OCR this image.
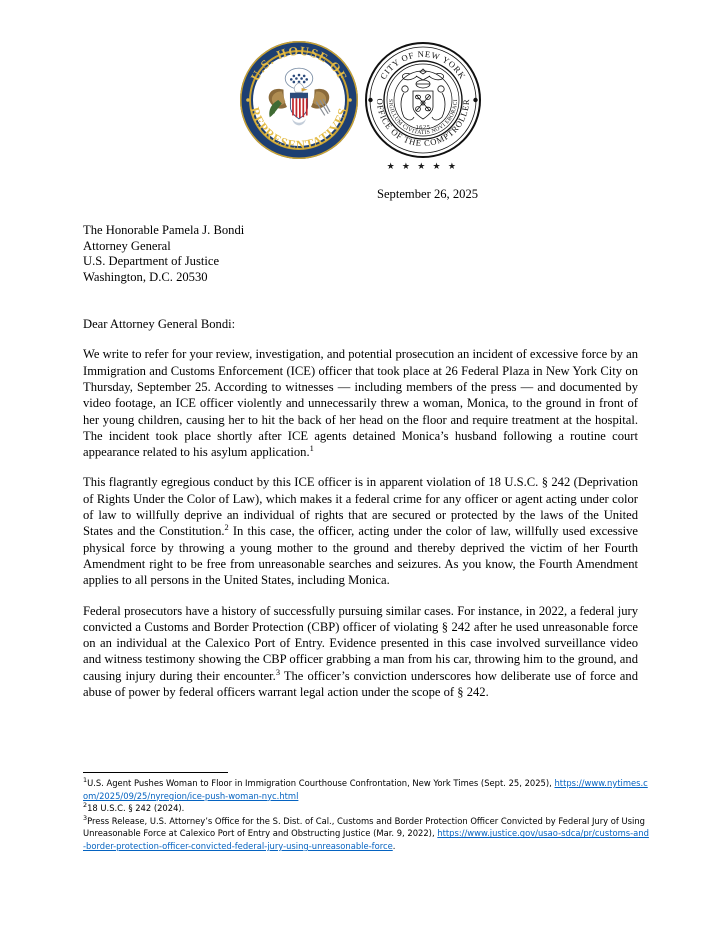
U.S. HOUSE OF
REPRESENTATIVES
CITY OF NEW YORK
OFFICE OF THE COMPTROLLER
SIGILLUM CIVITATIS NOVI EBORACI
1625
★ ★ ★ ★ ★
September 26, 2025
The Honorable Pamela J. Bondi
Attorney General
U.S. Department of Justice
Washington, D.C. 20530
Dear Attorney General Bondi:

We write to refer for your review, investigation, and potential prosecution an incident of excessive force by an Immigration and Customs Enforcement (ICE) officer that took place at 26 Federal Plaza in New York City on Thursday, September 25. According to witnesses — including members of the press — and documented by video footage, an ICE officer violently and unnecessarily threw a woman, Monica, to the ground in front of her young children, causing her to hit the back of her head on the floor and require treatment at the hospital. The incident took place shortly after ICE agents detained Monica’s husband following a routine court appearance related to his asylum application.$^1$

This flagrantly egregious conduct by this ICE officer is in apparent violation of 18 U.S.C. § 242 (Deprivation of Rights Under the Color of Law), which makes it a federal crime for any officer or agent acting under color of law to willfully deprive an individual of rights that are secured or protected by the laws of the United States and the Constitution.$^2$ In this case, the officer, acting under the color of law, willfully used excessive physical force by throwing a young mother to the ground and thereby deprived the victim of her Fourth Amendment right to be free from unreasonable searches and seizures. As you know, the Fourth Amendment applies to all persons in the United States, including Monica.

Federal prosecutors have a history of successfully pursuing similar cases. For instance, in 2022, a federal jury convicted a Customs and Border Protection (CBP) officer of violating § 242 after he used unreasonable force on an individual at the Calexico Port of Entry. Evidence presented in this case involved surveillance video and witness testimony showing the CBP officer grabbing a man from his car, throwing him to the ground, and causing injury during their encounter.$^3$ The officer’s conviction underscores how deliberate use of force and abuse of power by federal officers warrant legal action under the scope of § 242.

$^1$U.S. Agent Pushes Woman to Floor in Immigration Courthouse Confrontation, New York Times (Sept. 25, 2025), https://www.nytimes.com/2025/09/25/nyregion/ice-push-woman-nyc.html

$^2$18 U.S.C. § 242 (2024).

$^3$Press Release, U.S. Attorney’s Office for the S. Dist. of Cal., Customs and Border Protection Officer Convicted by Federal Jury of Using Unreasonable Force at Calexico Port of Entry and Obstructing Justice (Mar. 9, 2022), https://www.justice.gov/usao-sdca/pr/customs-and-border-protection-officer-convicted-federal-jury-using-unreasonable-force.
